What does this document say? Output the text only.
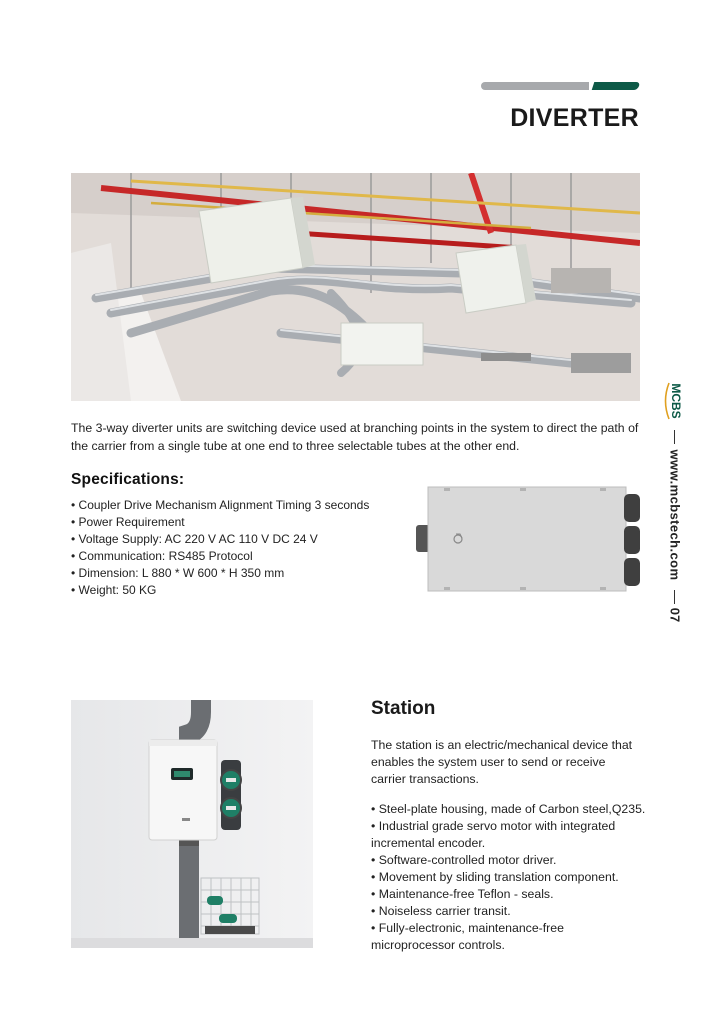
DIVERTER
The 3-way diverter units are switching device used at branching points in the system to direct the path of the carrier from a single tube at one end to three selectable tubes at the other end.
Specifications:
• Coupler Drive Mechanism Alignment Timing 3 seconds
• Power Requirement
• Voltage Supply: AC 220 V AC 110 V DC 24 V
• Communication: RS485 Protocol
• Dimension: L 880 * W 600 * H 350 mm
• Weight: 50 KG
MCBS
www.mcbstech.com
07
Station
The station is an electric/mechanical device that enables the system user to send or receive carrier transactions.
• Steel-plate housing, made of Carbon steel,Q235.
• Industrial grade servo motor with integrated incremental encoder.
• Software-controlled motor driver.
• Movement by sliding translation component.
• Maintenance-free Teflon - seals.
• Noiseless carrier transit.
• Fully-electronic, maintenance-free microprocessor controls.
